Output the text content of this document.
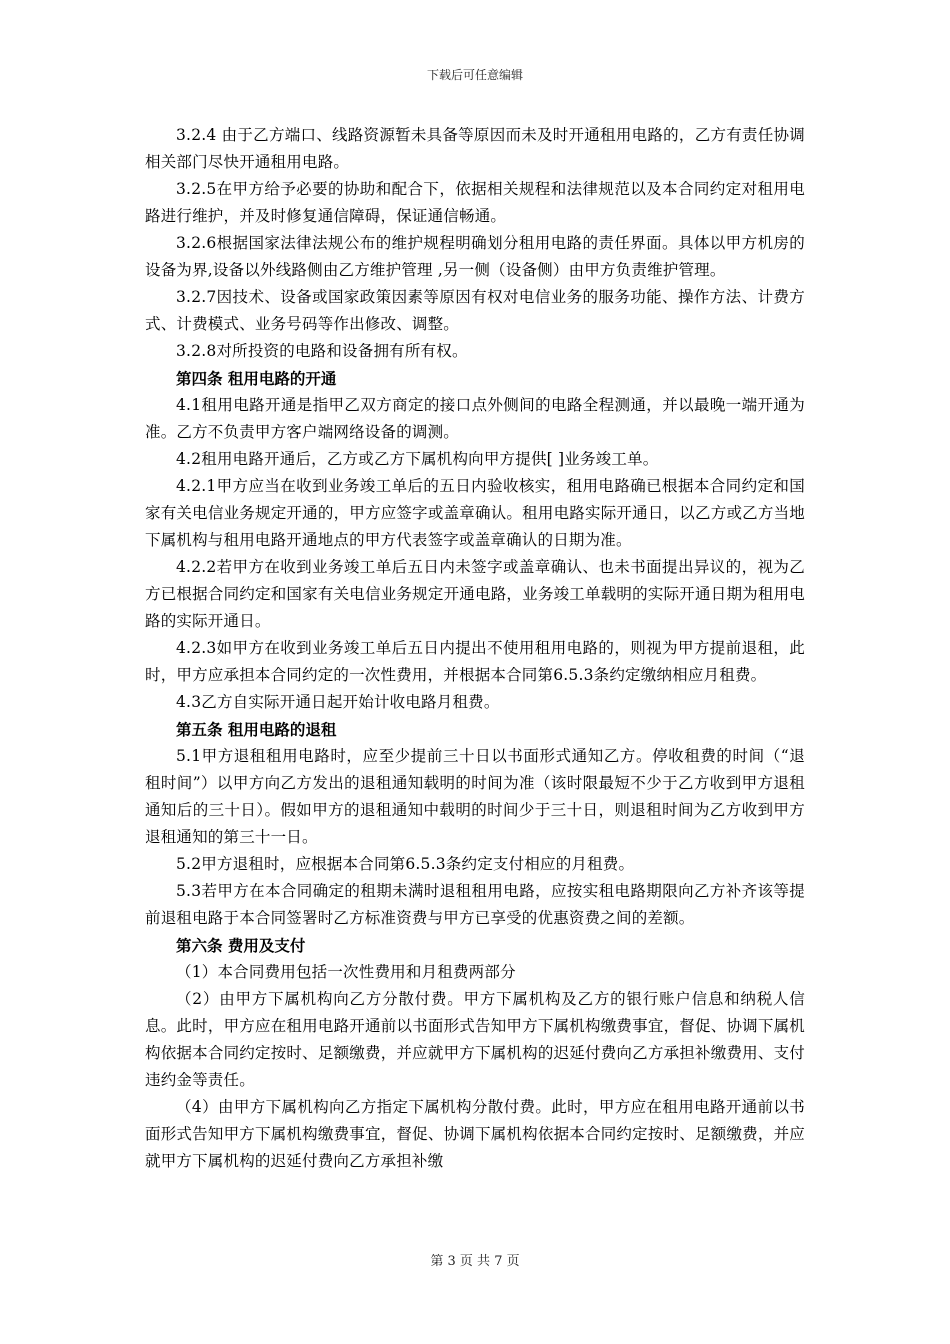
下载后可任意编辑

3.2.4 由于乙方端口、线路资源暂未具备等原因而未及时开通租用电路的，乙方有责任协调相关部门尽快开通租用电路。

3.2.5在甲方给予必要的协助和配合下，依据相关规程和法律规范以及本合同约定对租用电路进行维护，并及时修复通信障碍，保证通信畅通。

3.2.6根据国家法律法规公布的维护规程明确划分租用电路的责任界面。具体以甲方机房的设备为界,设备以外线路侧由乙方维护管理 ,另一侧（设备侧）由甲方负责维护管理。

3.2.7因技术、设备或国家政策因素等原因有权对电信业务的服务功能、操作方法、计费方式、计费模式、业务号码等作出修改、调整。

3.2.8对所投资的电路和设备拥有所有权。

第四条 租用电路的开通

4.1租用电路开通是指甲乙双方商定的接口点外侧间的电路全程测通，并以最晚一端开通为准。乙方不负责甲方客户端网络设备的调测。

4.2租用电路开通后，乙方或乙方下属机构向甲方提供[ ]业务竣工单。

4.2.1甲方应当在收到业务竣工单后的五日内验收核实，租用电路确已根据本合同约定和国家有关电信业务规定开通的，甲方应签字或盖章确认。租用电路实际开通日，以乙方或乙方当地下属机构与租用电路开通地点的甲方代表签字或盖章确认的日期为准。

4.2.2若甲方在收到业务竣工单后五日内未签字或盖章确认、也未书面提出异议的，视为乙方已根据合同约定和国家有关电信业务规定开通电路，业务竣工单载明的实际开通日期为租用电路的实际开通日。

4.2.3如甲方在收到业务竣工单后五日内提出不使用租用电路的，则视为甲方提前退租，此时，甲方应承担本合同约定的一次性费用，并根据本合同第6.5.3条约定缴纳相应月租费。

4.3乙方自实际开通日起开始计收电路月租费。

第五条 租用电路的退租

5.1甲方退租租用电路时，应至少提前三十日以书面形式通知乙方。停收租费的时间（“退租时间”）以甲方向乙方发出的退租通知载明的时间为准（该时限最短不少于乙方收到甲方退租通知后的三十日）。假如甲方的退租通知中载明的时间少于三十日，则退租时间为乙方收到甲方退租通知的第三十一日。

5.2甲方退租时，应根据本合同第6.5.3条约定支付相应的月租费。

5.3若甲方在本合同确定的租期未满时退租租用电路，应按实租电路期限向乙方补齐该等提前退租电路于本合同签署时乙方标准资费与甲方已享受的优惠资费之间的差额。

第六条 费用及支付

（1）本合同费用包括一次性费用和月租费两部分

（2）由甲方下属机构向乙方分散付费。甲方下属机构及乙方的银行账户信息和纳税人信息。此时，甲方应在租用电路开通前以书面形式告知甲方下属机构缴费事宜，督促、协调下属机构依据本合同约定按时、足额缴费，并应就甲方下属机构的迟延付费向乙方承担补缴费用、支付违约金等责任。

（4）由甲方下属机构向乙方指定下属机构分散付费。此时，甲方应在租用电路开通前以书面形式告知甲方下属机构缴费事宜，督促、协调下属机构依据本合同约定按时、足额缴费，并应就甲方下属机构的迟延付费向乙方承担补缴

第 3 页 共 7 页
